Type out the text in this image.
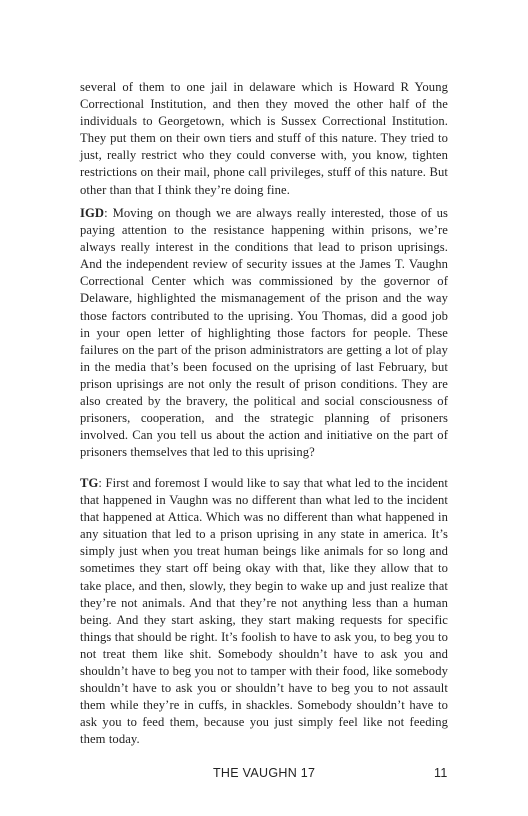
several of them to one jail in delaware which is Howard R Young Correctional Institution, and then they moved the other half of the individuals to Georgetown, which is Sussex Correctional Institution. They put them on their own tiers and stuff of this nature. They tried to just, really restrict who they could converse with, you know, tighten restrictions on their mail, phone call privileges, stuff of this nature. But other than that I think they’re doing fine.

IGD: Moving on though we are always really interested, those of us paying attention to the resistance happening within prisons, we’re always really interest in the conditions that lead to prison uprisings. And the independent review of security issues at the James T. Vaughn Correctional Center which was commissioned by the governor of Delaware, highlighted the mismanagement of the prison and the way those factors contributed to the uprising. You Thomas, did a good job in your open letter of highlighting those factors for people. These failures on the part of the prison administrators are getting a lot of play in the media that’s been focused on the uprising of last February, but prison uprisings are not only the result of prison conditions. They are also created by the bravery, the political and social consciousness of prisoners, cooperation, and the strategic planning of prisoners involved. Can you tell us about the action and initiative on the part of prisoners themselves that led to this uprising?

TG: First and foremost I would like to say that what led to the incident that happened in Vaughn was no different than what led to the incident that happened at Attica. Which was no different than what happened in any situation that led to a prison uprising in any state in america. It’s simply just when you treat human beings like animals for so long and sometimes they start off being okay with that, like they allow that to take place, and then, slowly, they begin to wake up and just realize that they’re not animals. And that they’re not anything less than a human being. And they start asking, they start making requests for specific things that should be right. It’s foolish to have to ask you, to beg you to not treat them like shit. Somebody shouldn’t have to ask you and shouldn’t have to beg you not to tamper with their food, like somebody shouldn’t have to ask you or shouldn’t have to beg you to not assault them while they’re in cuffs, in shackles. Somebody shouldn’t have to ask you to feed them, because you just simply feel like not feeding them today.

THE VAUGHN 17	11
